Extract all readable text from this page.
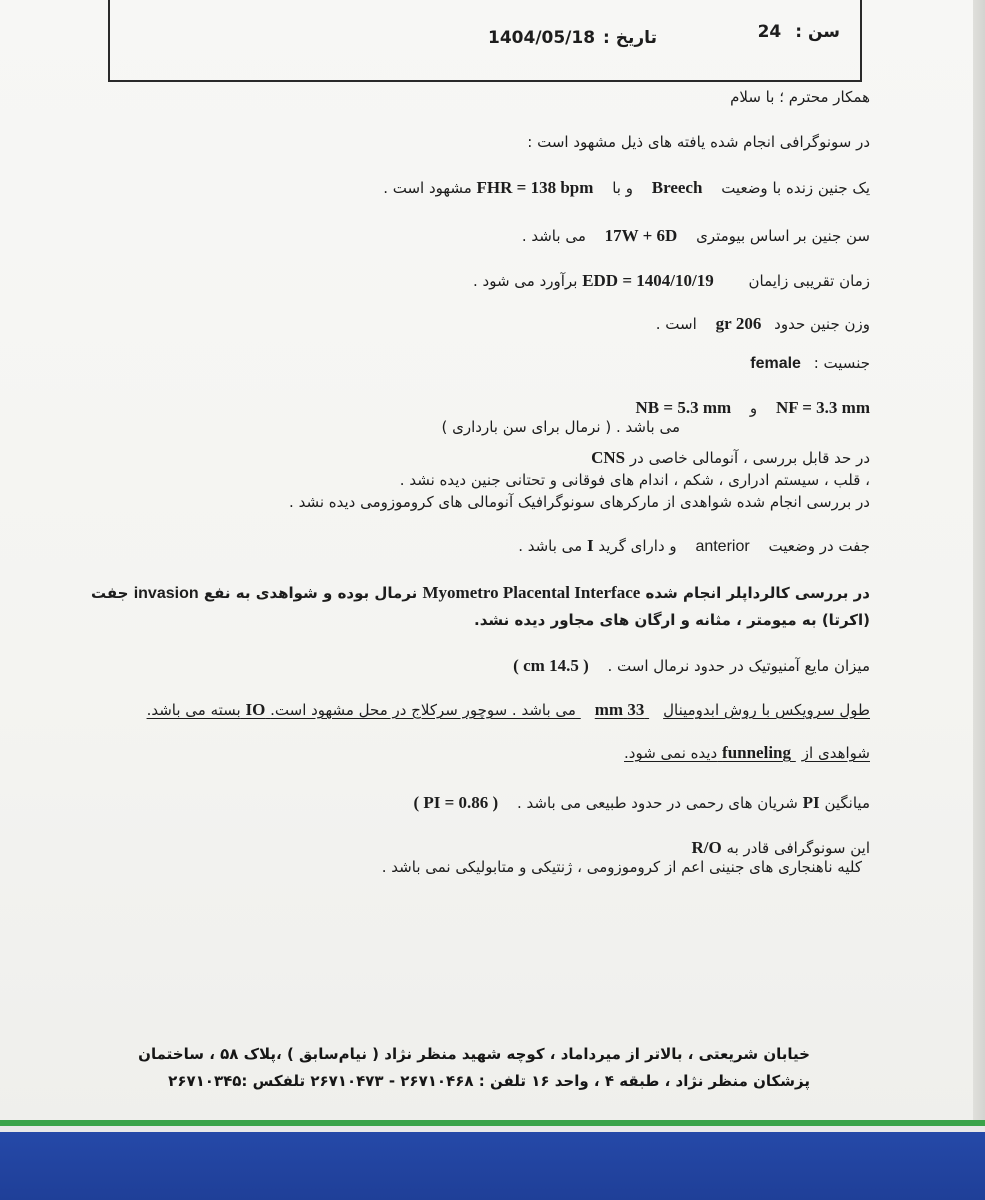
سن :24
تاریخ :1404/05/18
همکار محترم ؛ با سلام
در سونوگرافی انجام شده یافته های ذیل مشهود است :
یک جنین زنده با وضعیت Breech و با FHR = 138 bpm مشهود است .
سن جنین بر اساس بیومتری 17W + 6D می باشد .
زمان تقریبی زایمان EDD = 1404/10/19 برآورد می شود .
وزن جنین حدود 206 gr است .
جنسیت : female
NF = 3.3 mm و NB = 5.3 mm
می باشد . ( نرمال برای سن بارداری )
در حد قابل بررسی ، آنومالی خاصی در CNS
، قلب ، سیستم ادراری ، شکم ، اندام های فوقانی و تحتانی جنین دیده نشد .
در بررسی انجام شده شواهدی از مارکرهای سونوگرافیک آنومالی های کروموزومی دیده نشد .
جفت در وضعیت anterior و دارای گرید I می باشد .
در بررسی کالرداپلر انجام شده Myometro Placental Interface نرمال بوده و شواهدی به نفع invasion جفت
(اکرتا) به میومتر ، مثانه و ارگان های مجاور دیده نشد.
میزان مایع آمنیوتیک در حدود نرمال است . ( 14.5 cm )
طول سرویکس با روش ابدومینال 33 mm می باشد . سوچور سرکلاج در محل مشهود است. IO بسته می باشد.
شواهدی از funneling دیده نمی شود.
میانگین PI شریان های رحمی در حدود طبیعی می باشد . ( PI = 0.86 )
این سونوگرافی قادر به R/O
کلیه ناهنجاری های جنینی اعم از کروموزومی ، ژنتیکی و متابولیکی نمی باشد .
خیابان شریعتی ، بالاتر از میرداماد ، کوچه شهید منظر نژاد ( نیام‌سابق ) ،پلاک ۵۸ ، ساختمان
پزشکان منظر نژاد ، طبقه ۴ ، واحد ۱۶ تلفن : ۲۶۷۱۰۴۶۸ - ۲۶۷۱۰۴۷۳ تلفکس :۲۶۷۱۰۳۴۵
